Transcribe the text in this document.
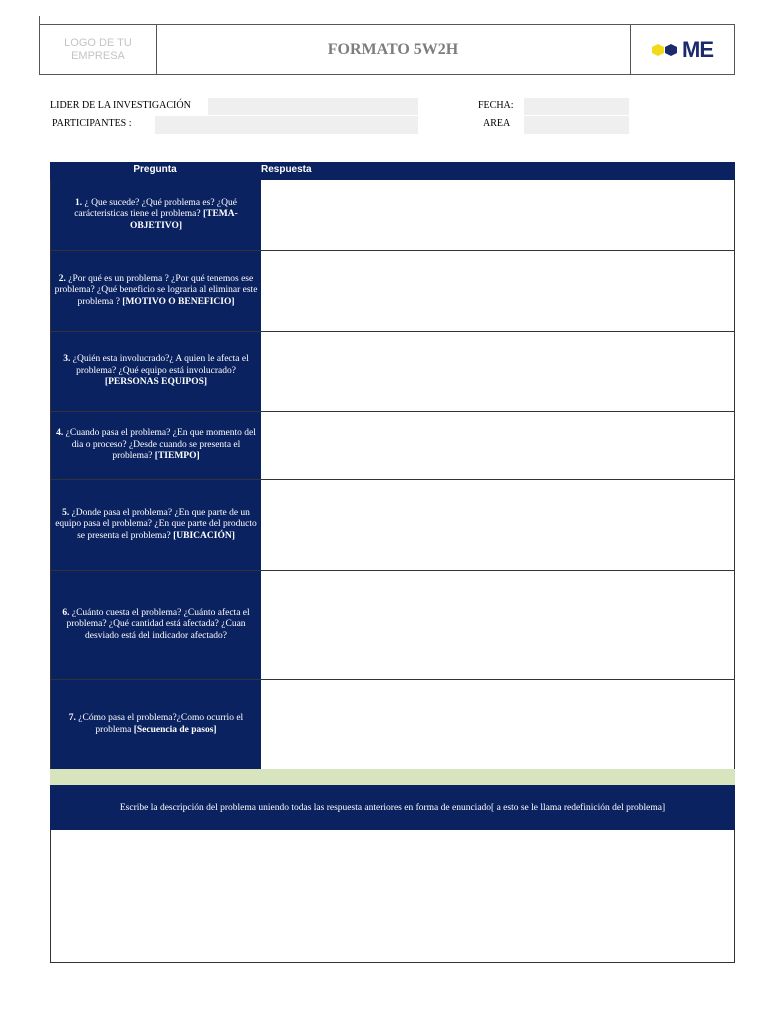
LOGO DE TU EMPRESA	FORMATO 5W2H	ME
LIDER DE LA INVESTIGACIÓN
PARTICIPANTES :
FECHA:
AREA
Pregunta	Respuesta
1. ¿ Que sucede? ¿Qué problema es? ¿Qué carácteristicas tiene el problema? [TEMA-OBJETIVO]
2. ¿Por qué es un problema ? ¿Por qué tenemos ese problema? ¿Qué beneficio se lograria al eliminar este problema ? [MOTIVO O BENEFICIO]
3. ¿Quién esta involucrado?¿ A quien le afecta el problema? ¿Qué equipo está involucrado? [PERSONAS EQUIPOS]
4. ¿Cuando pasa el problema? ¿En que momento del dia o proceso? ¿Desde cuando se presenta el problema? [TIEMPO]
5. ¿Donde pasa el problema? ¿En que parte de un equipo pasa el problema? ¿En que parte del producto se presenta el problema? [UBICACIÓN]
6. ¿Cuánto cuesta el problema? ¿Cuánto afecta el problema? ¿Qué cantidad está afectada? ¿Cuan desviado está del indicador afectado?
7. ¿Cómo pasa el problema?¿Como ocurrio el problema [Secuencia de pasos]
Escribe la descripción del problema uniendo todas las respuesta anteriores en forma de enunciado[ a esto se le llama redefinición del problema]
